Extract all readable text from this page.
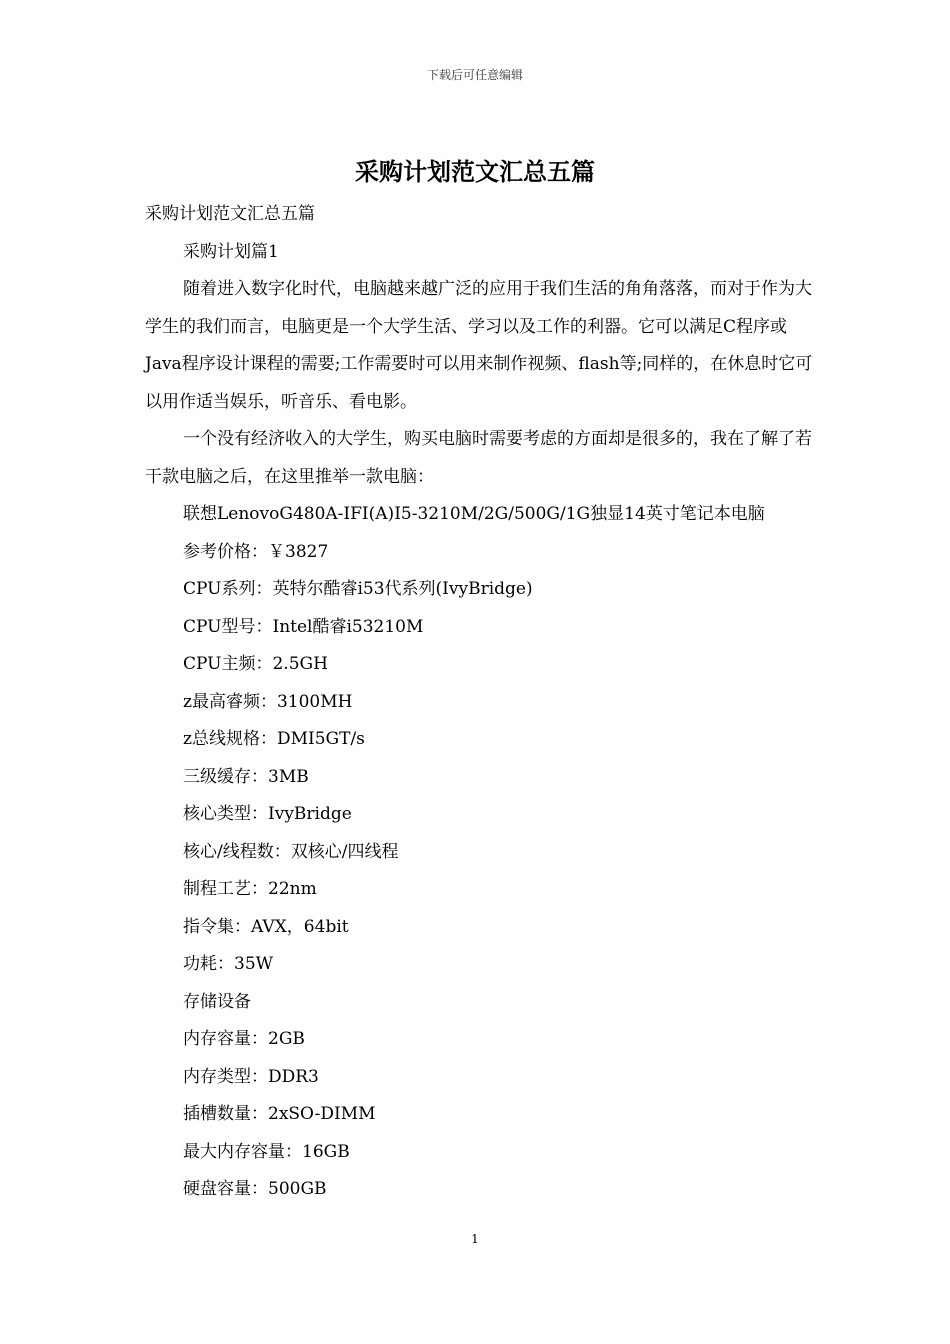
下载后可任意编辑
采购计划范文汇总五篇

采购计划范文汇总五篇

采购计划篇1

随着进入数字化时代，电脑越来越广泛的应用于我们生活的角角落落，而对于作为大学生的我们而言，电脑更是一个大学生活、学习以及工作的利器。它可以满足C程序或Java程序设计课程的需要;工作需要时可以用来制作视频、flash等;同样的，在休息时它可以用作适当娱乐，听音乐、看电影。

一个没有经济收入的大学生，购买电脑时需要考虑的方面却是很多的，我在了解了若干款电脑之后，在这里推举一款电脑：

联想LenovoG480A-IFI(A)I5-3210M/2G/500G/1G独显14英寸笔记本电脑

参考价格：￥3827

CPU系列：英特尔酷睿i53代系列(IvyBridge)

CPU型号：Intel酷睿i53210M

CPU主频：2.5GH

z最高睿频：3100MH

z总线规格：DMI5GT/s

三级缓存：3MB

核心类型：IvyBridge

核心/线程数：双核心/四线程

制程工艺：22nm

指令集：AVX，64bit

功耗：35W

存储设备

内存容量：2GB

内存类型：DDR3

插槽数量：2xSO-DIMM

最大内存容量：16GB

硬盘容量：500GB

1
